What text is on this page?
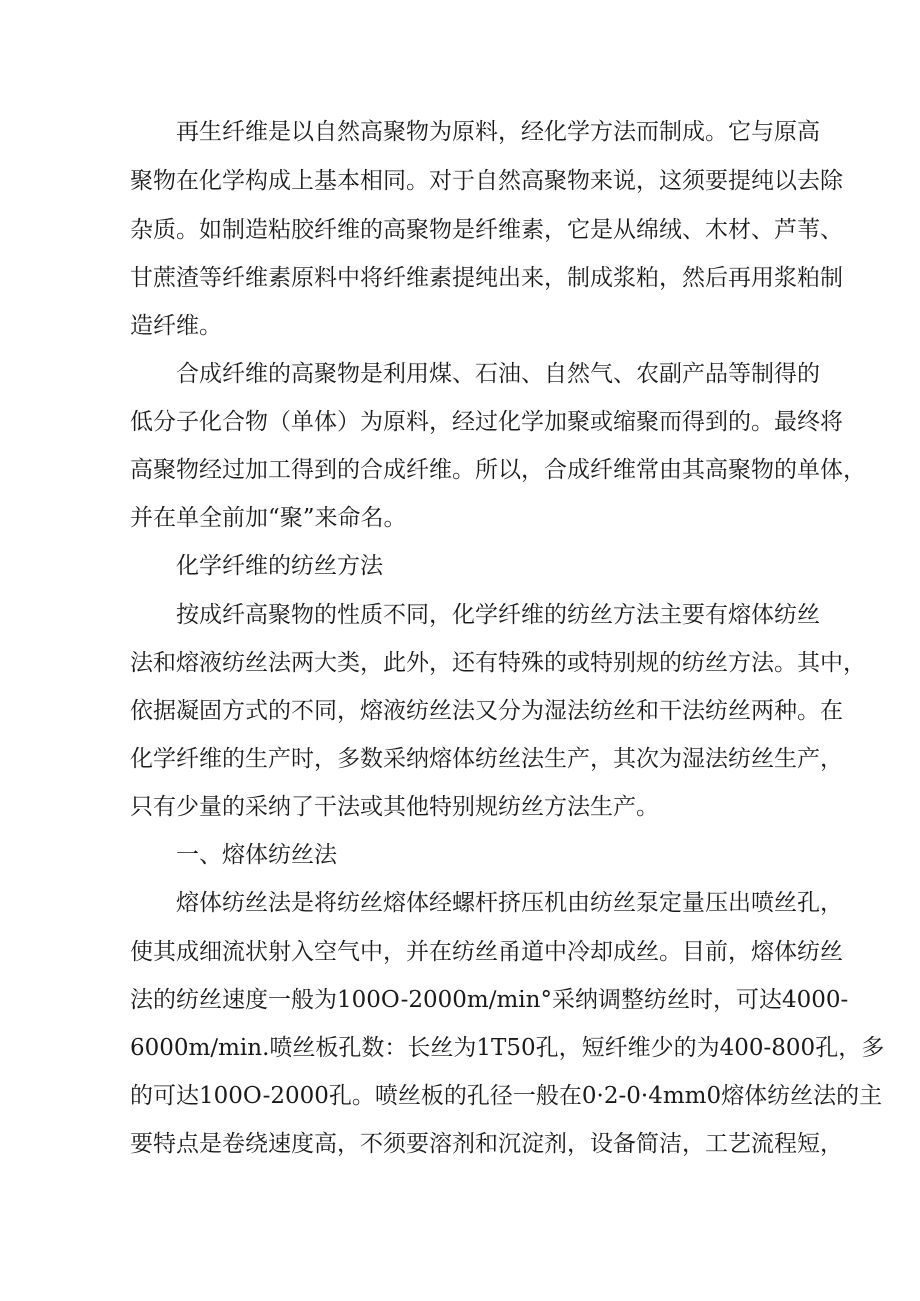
再生纤维是以自然高聚物为原料，经化学方法而制成。它与原高
聚物在化学构成上基本相同。对于自然高聚物来说，这须要提纯以去除
杂质。如制造粘胶纤维的高聚物是纤维素，它是从绵绒、木材、芦苇、
甘蔗渣等纤维素原料中将纤维素提纯出来，制成浆粕，然后再用浆粕制
造纤维。
合成纤维的高聚物是利用煤、石油、自然气、农副产品等制得的
低分子化合物（单体）为原料，经过化学加聚或缩聚而得到的。最终将
高聚物经过加工得到的合成纤维。所以，合成纤维常由其高聚物的单体，
并在单全前加“聚”来命名。
化学纤维的纺丝方法
按成纤高聚物的性质不同，化学纤维的纺丝方法主要有熔体纺丝
法和熔液纺丝法两大类，此外，还有特殊的或特别规的纺丝方法。其中，
依据凝固方式的不同，熔液纺丝法又分为湿法纺丝和干法纺丝两种。在
化学纤维的生产时，多数采纳熔体纺丝法生产，其次为湿法纺丝生产，
只有少量的采纳了干法或其他特别规纺丝方法生产。
一、熔体纺丝法
熔体纺丝法是将纺丝熔体经螺杆挤压机由纺丝泵定量压出喷丝孔，
使其成细流状射入空气中，并在纺丝甬道中冷却成丝。目前，熔体纺丝
法的纺丝速度一般为100O-2000m∕min°采纳调整纺丝时，可达4000-
6000m∕min.喷丝板孔数：长丝为1T50孔，短纤维少的为400-800孔，多
的可达100O-2000孔。喷丝板的孔径一般在0·2-0·4mm0熔体纺丝法的主
要特点是卷绕速度高，不须要溶剂和沉淀剂，设备简洁，工艺流程短，
